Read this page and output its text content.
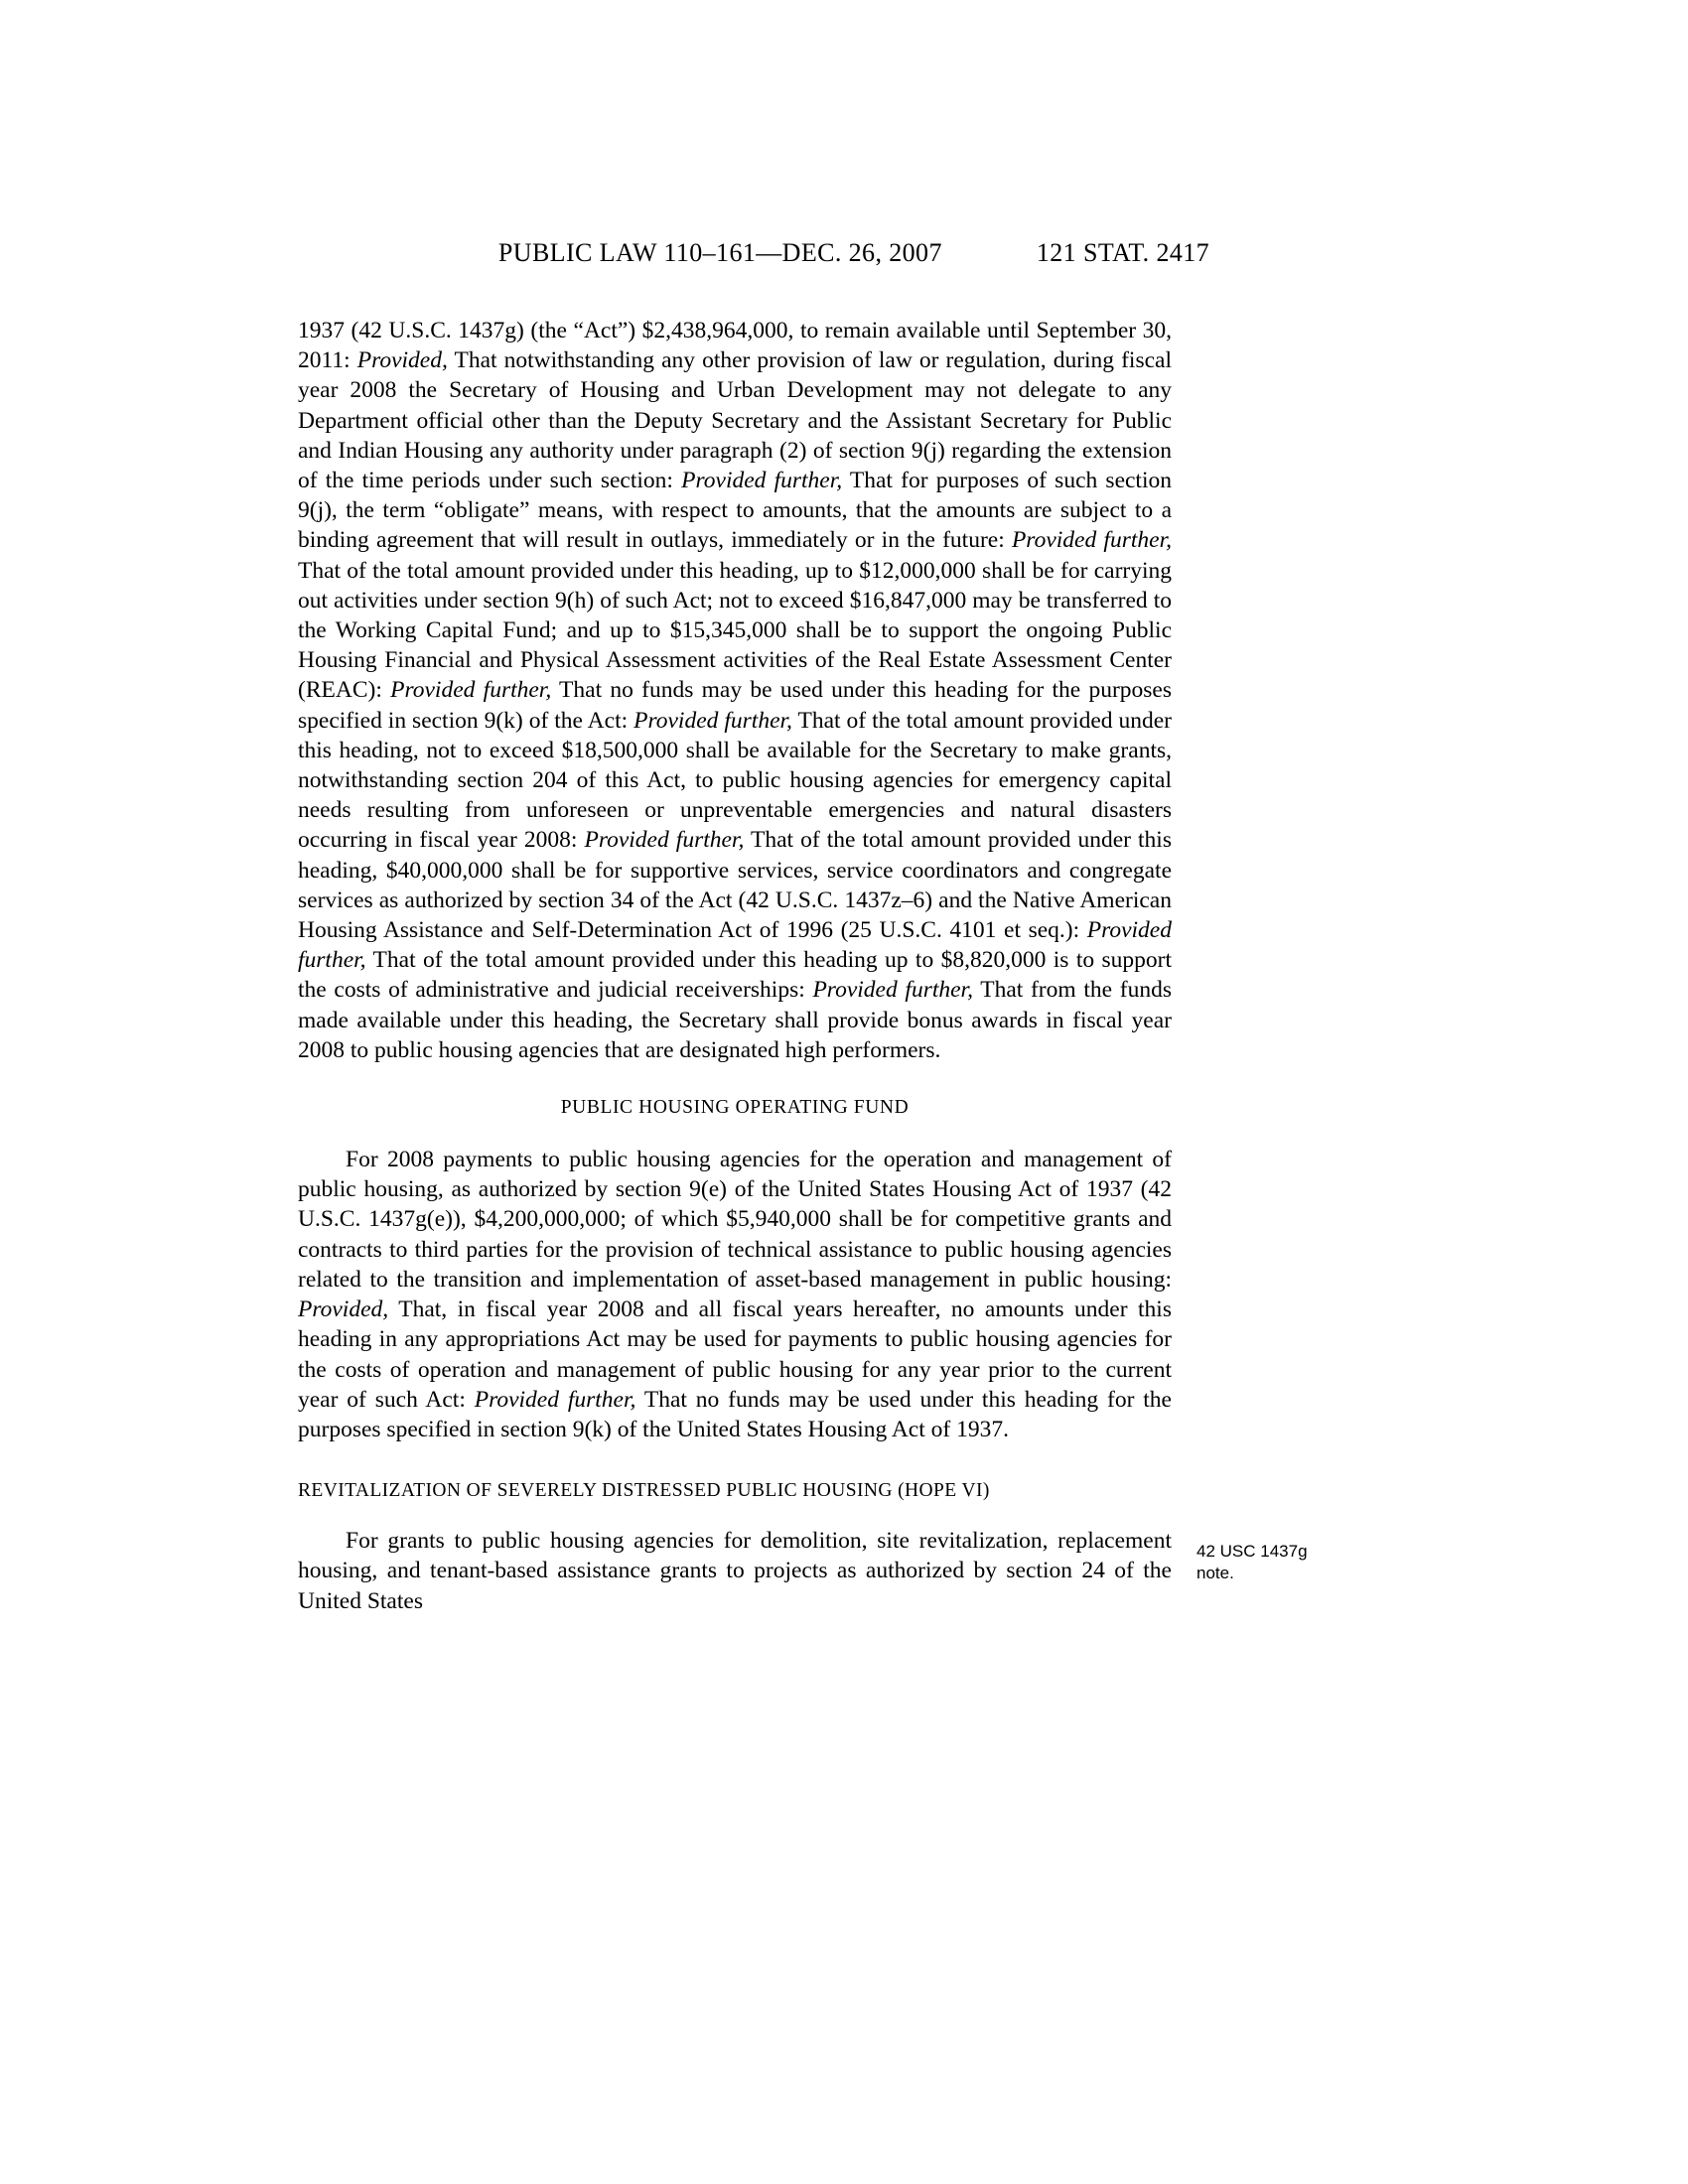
PUBLIC LAW 110–161—DEC. 26, 2007	121 STAT. 2417

1937 (42 U.S.C. 1437g) (the “Act”) $2,438,964,000, to remain available until September 30, 2011: Provided, That notwithstanding any other provision of law or regulation, during fiscal year 2008 the Secretary of Housing and Urban Development may not delegate to any Department official other than the Deputy Secretary and the Assistant Secretary for Public and Indian Housing any authority under paragraph (2) of section 9(j) regarding the extension of the time periods under such section: Provided further, That for purposes of such section 9(j), the term “obligate” means, with respect to amounts, that the amounts are subject to a binding agreement that will result in outlays, immediately or in the future: Provided further, That of the total amount provided under this heading, up to $12,000,000 shall be for carrying out activities under section 9(h) of such Act; not to exceed $16,847,000 may be transferred to the Working Capital Fund; and up to $15,345,000 shall be to support the ongoing Public Housing Financial and Physical Assessment activities of the Real Estate Assessment Center (REAC): Provided further, That no funds may be used under this heading for the purposes specified in section 9(k) of the Act: Provided further, That of the total amount provided under this heading, not to exceed $18,500,000 shall be available for the Secretary to make grants, notwithstanding section 204 of this Act, to public housing agencies for emergency capital needs resulting from unforeseen or unpreventable emergencies and natural disasters occurring in fiscal year 2008: Provided further, That of the total amount provided under this heading, $40,000,000 shall be for supportive services, service coordinators and congregate services as authorized by section 34 of the Act (42 U.S.C. 1437z–6) and the Native American Housing Assistance and Self-Determination Act of 1996 (25 U.S.C. 4101 et seq.): Provided further, That of the total amount provided under this heading up to $8,820,000 is to support the costs of administrative and judicial receiverships: Provided further, That from the funds made available under this heading, the Secretary shall provide bonus awards in fiscal year 2008 to public housing agencies that are designated high performers.

PUBLIC HOUSING OPERATING FUND

For 2008 payments to public housing agencies for the operation and management of public housing, as authorized by section 9(e) of the United States Housing Act of 1937 (42 U.S.C. 1437g(e)), $4,200,000,000; of which $5,940,000 shall be for competitive grants and contracts to third parties for the provision of technical assistance to public housing agencies related to the transition and implementation of asset-based management in public housing: Provided, That, in fiscal year 2008 and all fiscal years hereafter, no amounts under this heading in any appropriations Act may be used for payments to public housing agencies for the costs of operation and management of public housing for any year prior to the current year of such Act: Provided further, That no funds may be used under this heading for the purposes specified in section 9(k) of the United States Housing Act of 1937.

REVITALIZATION OF SEVERELY DISTRESSED PUBLIC HOUSING (HOPE VI)

For grants to public housing agencies for demolition, site revitalization, replacement housing, and tenant-based assistance grants to projects as authorized by section 24 of the United States

42 USC 1437g
note.
